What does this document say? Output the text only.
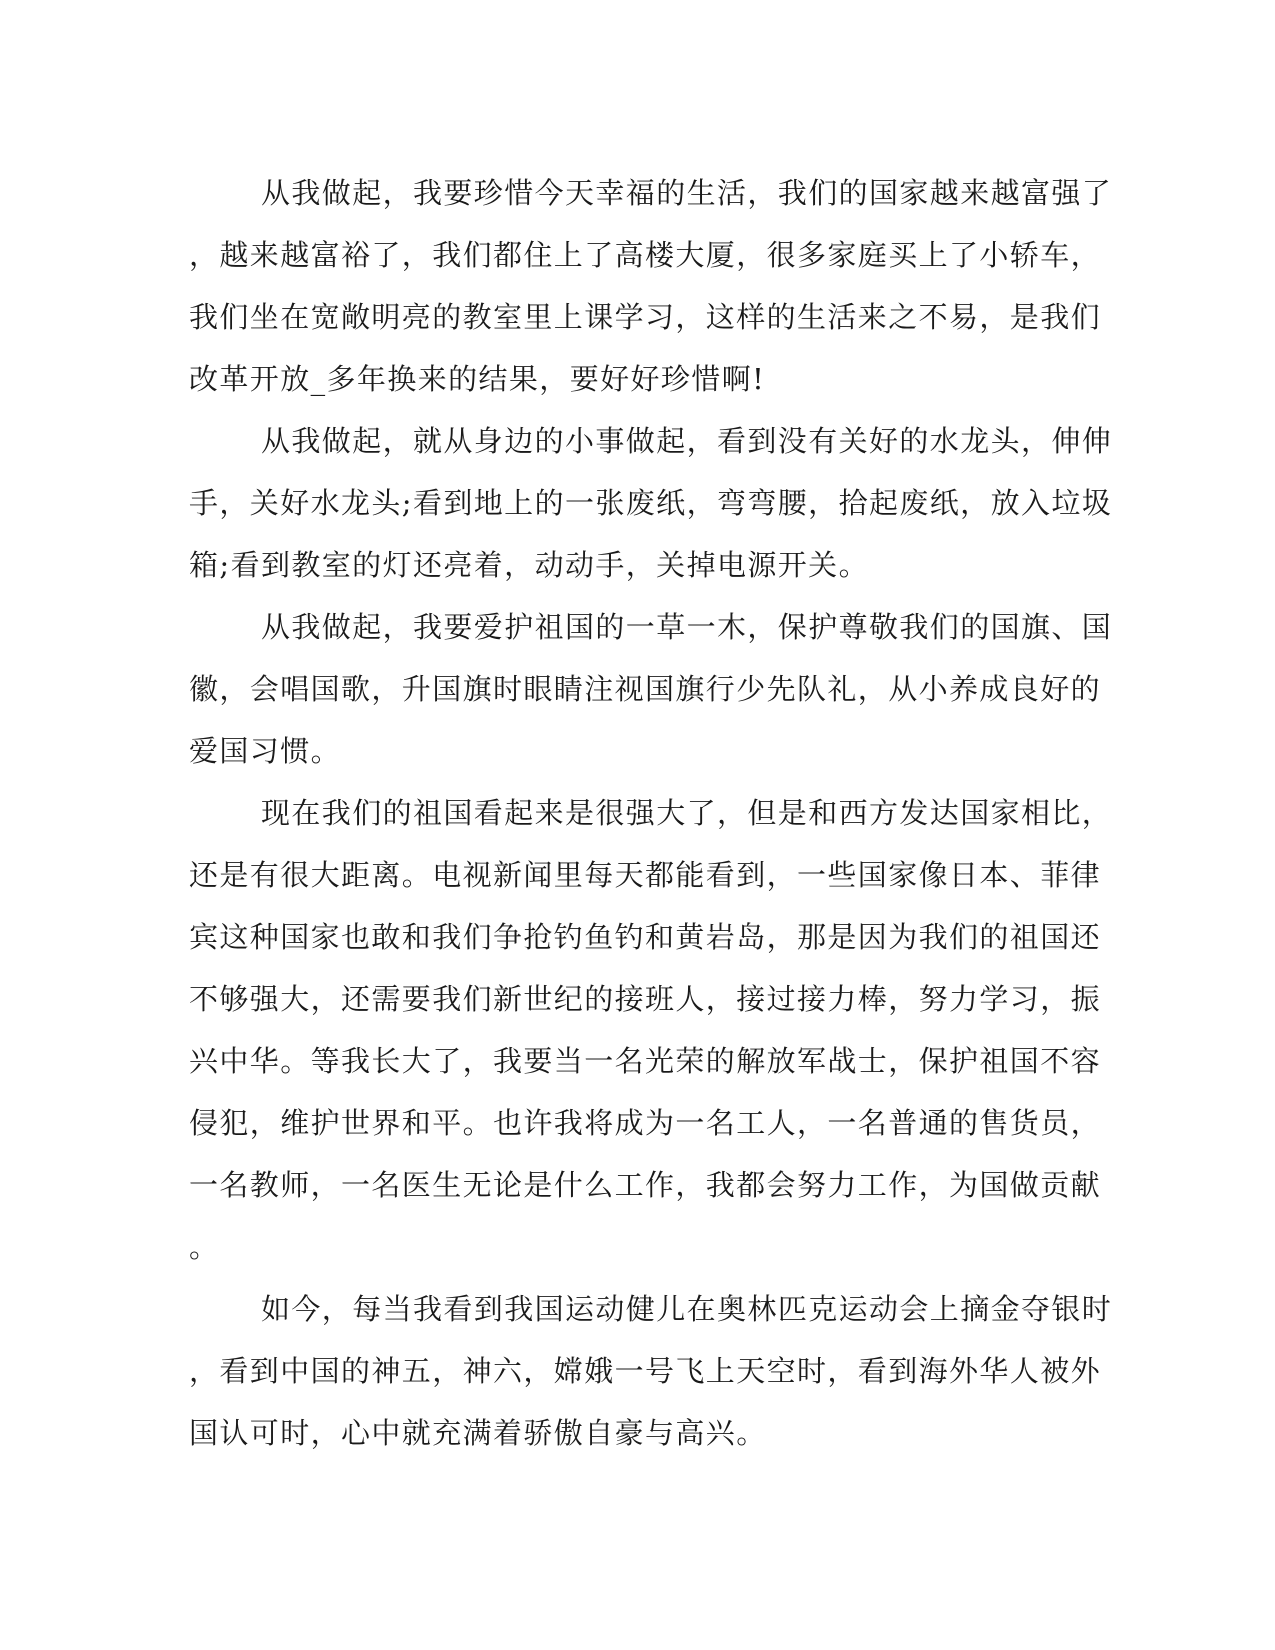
从我做起，我要珍惜今天幸福的生活，我们的国家越来越富强了
，越来越富裕了，我们都住上了高楼大厦，很多家庭买上了小轿车，
我们坐在宽敞明亮的教室里上课学习，这样的生活来之不易，是我们
改革开放_多年换来的结果，要好好珍惜啊!
从我做起，就从身边的小事做起，看到没有关好的水龙头，伸伸
手，关好水龙头;看到地上的一张废纸，弯弯腰，拾起废纸，放入垃圾
箱;看到教室的灯还亮着，动动手，关掉电源开关。
从我做起，我要爱护祖国的一草一木，保护尊敬我们的国旗、国
徽，会唱国歌，升国旗时眼睛注视国旗行少先队礼，从小养成良好的
爱国习惯。
现在我们的祖国看起来是很强大了，但是和西方发达国家相比，
还是有很大距离。电视新闻里每天都能看到，一些国家像日本、菲律
宾这种国家也敢和我们争抢钓鱼钓和黄岩岛，那是因为我们的祖国还
不够强大，还需要我们新世纪的接班人，接过接力棒，努力学习，振
兴中华。等我长大了，我要当一名光荣的解放军战士，保护祖国不容
侵犯，维护世界和平。也许我将成为一名工人，一名普通的售货员，
一名教师，一名医生无论是什么工作，我都会努力工作，为国做贡献
。
如今，每当我看到我国运动健儿在奥林匹克运动会上摘金夺银时
，看到中国的神五，神六，嫦娥一号飞上天空时，看到海外华人被外
国认可时，心中就充满着骄傲自豪与高兴。
